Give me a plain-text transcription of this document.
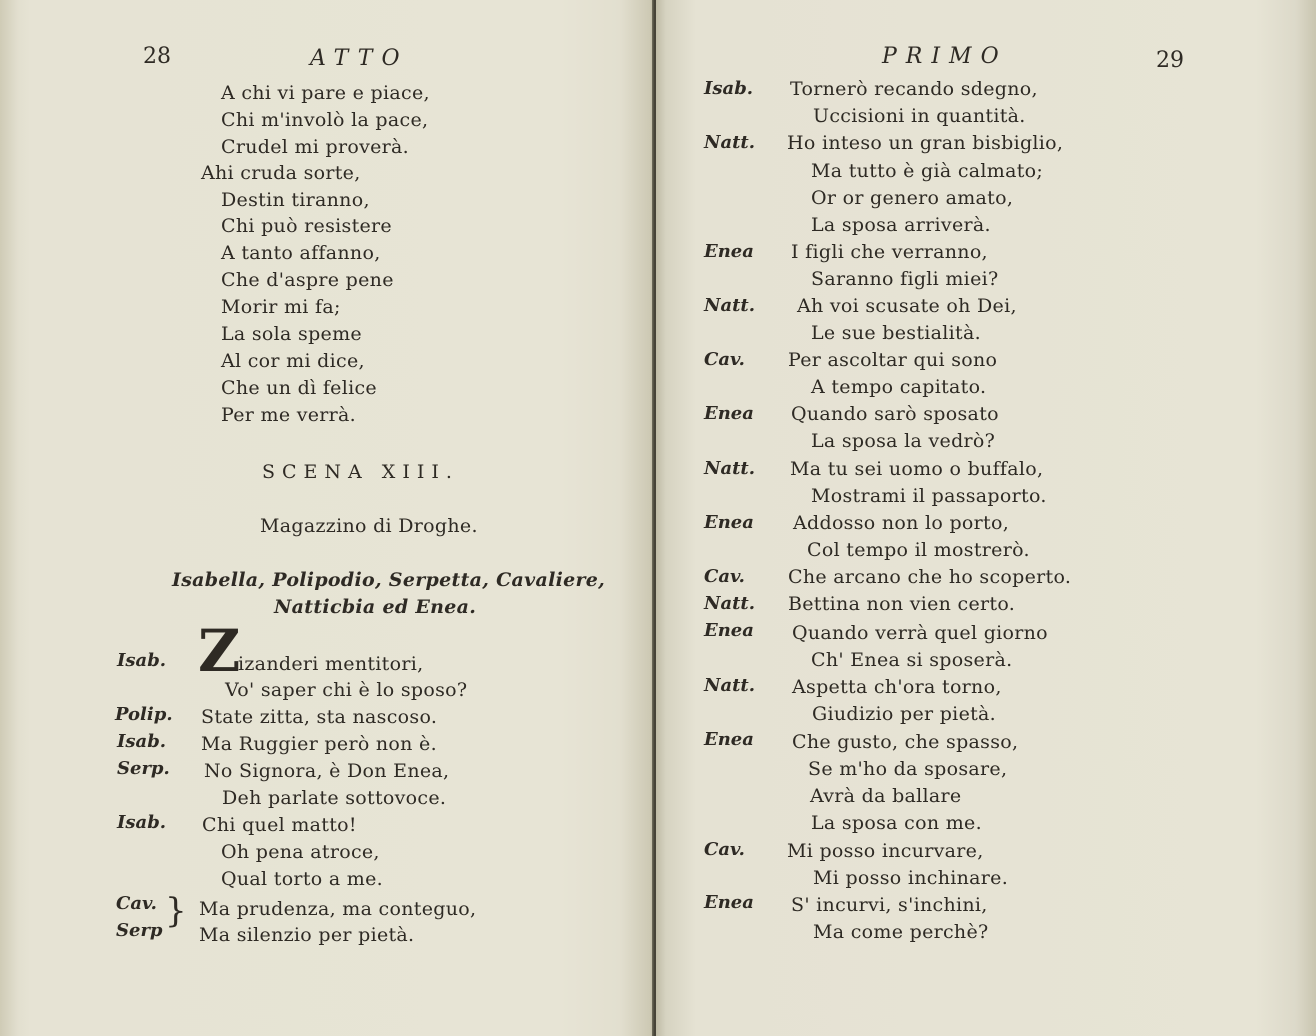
28	ATTO
A chi vi pare e piace,
Chi m'involò la pace,
Crudel mi proverà.
Ahi cruda sorte,
Destin tiranno,
Chi può resistere
A tanto affanno,
Che d'aspre pene
Morir mi fa;
La sola speme
Al cor mi dice,
Che un dì felice
Per me verrà.
SCENA XIII.
Magazzino di Droghe.
Isabella, Polipodio, Serpetta, Cavaliere,
Natticbia ed Enea.
Isab. Z
izanderi mentitori,
Vo' saper chi è lo sposo?
Polip. State zitta, sta nascoso.
Isab. Ma Ruggier però non è.
Serp. No Signora, è Don Enea,
Deh parlate sottovoce.
Isab. Chi quel matto!
Oh pena atroce,
Qual torto a me.
Cav.
Serp } Ma prudenza, ma conteguo,
Ma silenzio per pietà.
PRIMO	29
Isab. Tornerò recando sdegno,
Uccisioni in quantità.
Natt. Ho inteso un gran bisbiglio,
Ma tutto è già calmato;
Or or genero amato,
La sposa arriverà.
Enea I figli che verranno,
Saranno figli miei?
Natt. Ah voi scusate oh Dei,
Le sue bestialità.
Cav. Per ascoltar qui sono
A tempo capitato.
Enea Quando sarò sposato
La sposa la vedrò?
Natt. Ma tu sei uomo o buffalo,
Mostrami il passaporto.
Enea Addosso non lo porto,
Col tempo il mostrerò.
Cav. Che arcano che ho scoperto.
Natt. Bettina non vien certo.
Enea Quando verrà quel giorno
Ch' Enea si sposerà.
Natt. Aspetta ch'ora torno,
Giudizio per pietà.
Enea Che gusto, che spasso,
Se m'ho da sposare,
Avrà da ballare
La sposa con me.
Cav. Mi posso incurvare,
Mi posso inchinare.
Enea S' incurvi, s'inchini,
Ma come perchè?
